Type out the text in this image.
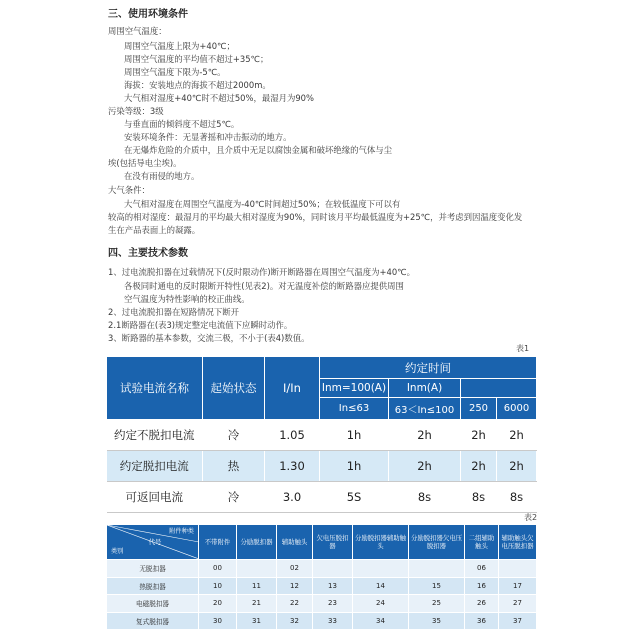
三、使用环境条件
周围空气温度：
周围空气温度上限为+40℃；
周围空气温度的平均值不超过+35℃；
周围空气温度下限为-5℃。
海拔：安装地点的海拔不超过2000m。
大气相对湿度+40℃时不超过50%，最湿月为90%
污染等级：3级
与垂直面的倾斜度不超过5℃。
安装环境条件：无显著摇和冲击振动的地方。
在无爆炸危险的介质中，且介质中无足以腐蚀金属和破坏绝缘的气体与尘
埃(包括导电尘埃)。
在没有雨侵的地方。
大气条件：
大气相对湿度在周围空气温度为-40℃时间超过50%；在较低温度下可以有
较高的相对湿度：最湿月的平均最大相对湿度为90%，同时该月平均最低温度为+25℃，并考虑到因温度变化发
生在产品表面上的凝露。
四、主要技术参数
1、过电流脱扣器在过载情况下(反时限动作)断开断路器在周围空气温度为+40℃。
各极同时通电的反时限断开特性(见表2)。对无温度补偿的断路器应提供周围
空气温度为特性影响的校正曲线。
2、过电流脱扣器在短路情况下断开
2.1断路器在(表3)规定整定电流值下应瞬时动作。
3、断路器的基本参数，交流三极，不小于(表4)数值。
表1
试验电流名称	起始状态	I/In	约定时间			
			Inm=100(A)	Inm(A)		
			In≤63	63＜In≤100	250	6000
约定不脱扣电流	冷	1.05	1h	2h	2h	2h
约定脱扣电流	热	1.30	1h	2h	2h	2h
可返回电流	冷	3.0	5S	8s	8s	8s
表2
附件种类
代号
类别	不带附件	分励脱扣器	辅助触头	欠电压脱扣器	分励脱扣器辅助触头	分励脱扣器欠电压脱扣器	二组辅助触头	辅助触头欠电压脱扣器
无脱扣器	00		02				06	
热脱扣器	10	11	12	13	14	15	16	17
电磁脱扣器	20	21	22	23	24	25	26	27
复式脱扣器	30	31	32	33	34	35	36	37
